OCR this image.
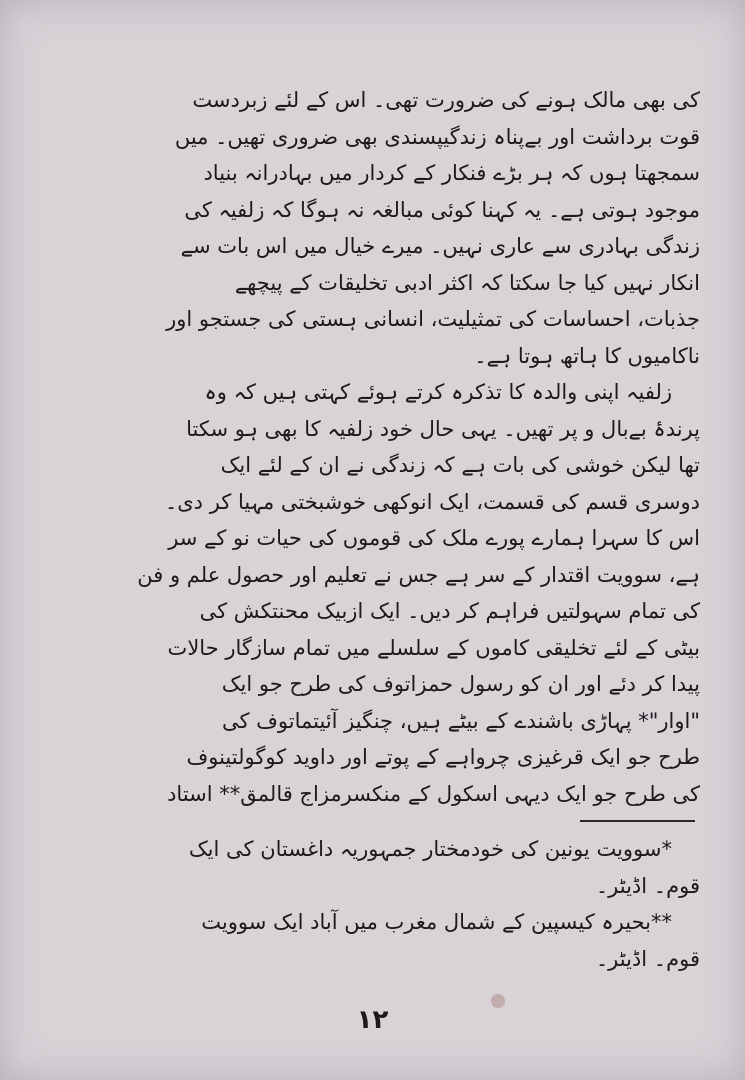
کی بھی مالک ہونے کی ضرورت تھی۔ اس کے لئے زبردست
قوت برداشت اور بےپناہ زندگیپسندی بھی ضروری تھیں۔ میں
سمجھتا ہوں کہ ہر بڑے فنکار کے کردار میں بہادرانہ بنیاد
موجود ہوتی ہے۔ یہ کہنا کوئی مبالغہ نہ ہوگا کہ زلفیہ کی
زندگی بہادری سے عاری نہیں۔ میرے خیال میں اس بات سے
انکار نہیں کیا جا سکتا کہ اکثر ادبی تخلیقات کے پیچھے
جذبات، احساسات کی تمثیلیت، انسانی ہستی کی جستجو اور
ناکامیوں کا ہاتھ ہوتا ہے۔
زلفیہ اپنی والدہ کا تذکرہ کرتے ہوئے کہتی ہیں کہ وہ
پرندۂ بےبال و پر تھیں۔ یہی حال خود زلفیہ کا بھی ہو سکتا
تھا لیکن خوشی کی بات ہے کہ زندگی نے ان کے لئے ایک
دوسری قسم کی قسمت، ایک انوکھی خوشبختی مہیا کر دی۔
اس کا سہرا ہمارے پورے ملک کی قوموں کی حیات نو کے سر
ہے، سوویت اقتدار کے سر ہے جس نے تعلیم اور حصول علم و فن
کی تمام سہولتیں فراہم کر دیں۔ ایک ازبیک محنتکش کی
بیٹی کے لئے تخلیقی کاموں کے سلسلے میں تمام سازگار حالات
پیدا کر دئے اور ان کو رسول حمزاتوف کی طرح جو ایک
"اوار"* پہاڑی باشندے کے بیٹے ہیں، چنگیز آئیتماتوف کی
طرح جو ایک قرغیزی چرواہے کے پوتے اور داوید کوگولتینوف
کی طرح جو ایک دیہی اسکول کے منکسرمزاج قالمق** استاد
*سوویت یونین کی خودمختار جمہوریہ داغستان کی ایک
قوم۔ اڈیٹر۔
**بحیرہ کیسپین کے شمال مغرب میں آباد ایک سوویت
قوم۔ اڈیٹر۔
۱۲
